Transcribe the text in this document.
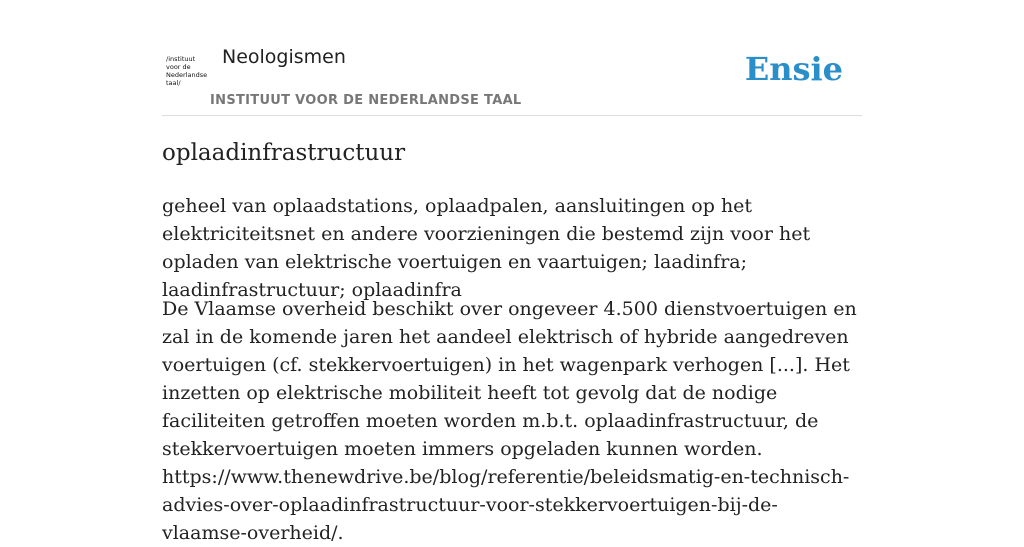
/instituut
voor de
Nederlandse
taal/
Neologismen
INSTITUUT VOOR DE NEDERLANDSE TAAL
Ensie
oplaadinfrastructuur

geheel van oplaadstations, oplaadpalen, aansluitingen op het elektriciteitsnet en andere voorzieningen die bestemd zijn voor het opladen van elektrische voertuigen en vaartuigen; laadinfra; laadinfrastructuur; oplaadinfra

De Vlaamse overheid beschikt over ongeveer 4.500 dienstvoertuigen en zal in de komende jaren het aandeel elektrisch of hybride aangedreven voertuigen (cf. stekkervoertuigen) in het wagenpark verhogen [...]. Het inzetten op elektrische mobiliteit heeft tot gevolg dat de nodige faciliteiten getroffen moeten worden m.b.t. oplaadinfrastructuur, de stekkervoertuigen moeten immers opgeladen kunnen worden.
https://www.thenewdrive.be/blog/referentie/beleidsmatig-en-technisch-advies-over-oplaadinfrastructuur-voor-stekkervoertuigen-bij-de-vlaamse-overheid/.
